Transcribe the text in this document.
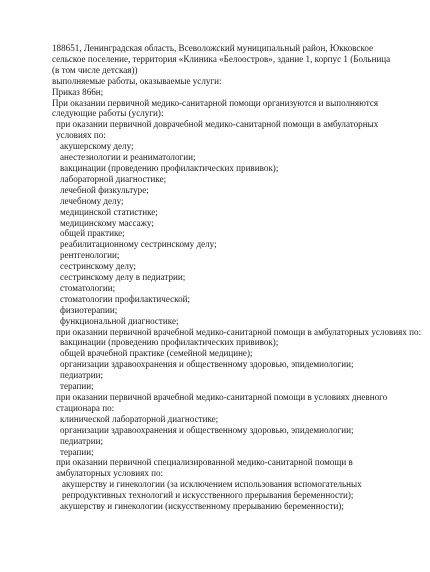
188651, Ленинградская область, Всеволожский муниципальный район, Юкковское сельское поселение, территория «Клиника «Белоостров», здание 1, корпус 1 (Больница (в том числе детская))
выполняемые работы, оказываемые услуги:
Приказ 866н;
При оказании первичной медико-санитарной помощи организуются и выполняются следующие работы (услуги):
при оказании первичной доврачебной медико-санитарной помощи в амбулаторных условиях по:
акушерскому делу;
анестезиологии и реаниматологии;
вакцинации (проведению профилактических прививок);
лабораторной диагностике;
лечебной физкультуре;
лечебному делу;
медицинской статистике;
медицинскому массажу;
общей практике;
реабилитационному сестринскому делу;
рентгенологии;
сестринскому делу;
сестринскому делу в педиатрии;
стоматологии;
стоматологии профилактической;
физиотерапии;
функциональной диагностике;
при оказании первичной врачебной медико-санитарной помощи в амбулаторных условиях по:
вакцинации (проведению профилактических прививок);
общей врачебной практике (семейной медицине);
организации здравоохранения и общественному здоровью, эпидемиологии;
педиатрии;
терапии;
при оказании первичной врачебной медико-санитарной помощи в условиях дневного стационара по:
клинической лабораторной диагностике;
организации здравоохранения и общественному здоровью, эпидемиологии;
педиатрии;
терапии;
при оказании первичной специализированной медико-санитарной помощи в амбулаторных условиях по:
акушерству и гинекологии (за исключением использования вспомогательных репродуктивных технологий и искусственного прерывания беременности);
акушерству и гинекологии (искусственному прерыванию беременности);
